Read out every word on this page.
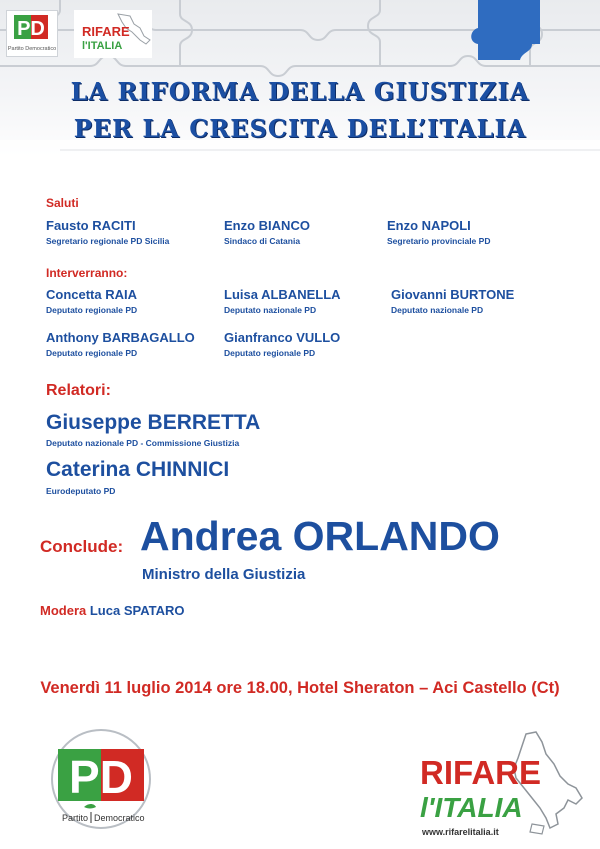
PD
Partito Democratico
RIFARE
l'ITALIA
LA RIFORMA DELLA GIUSTIZIA
PER LA CRESCITA DELL’ITALIA
Saluti
Fausto RACITI
Segretario regionale PD Sicilia
Enzo BIANCO
Sindaco di Catania
Enzo NAPOLI
Segretario provinciale PD
Interverranno:
Concetta RAIA
Deputato regionale PD
Luisa ALBANELLA
Deputato nazionale PD
Giovanni BURTONE
Deputato nazionale PD
Anthony BARBAGALLO
Deputato regionale PD
Gianfranco VULLO
Deputato regionale PD
Relatori:
Giuseppe BERRETTA
Deputato nazionale PD - Commissione Giustizia
Caterina CHINNICI
Eurodeputato PD
Conclude: Andrea ORLANDO
Ministro della Giustizia
Modera Luca SPATARO
Venerdì 11 luglio 2014 ore 18.00, Hotel Sheraton – Aci Castello (Ct)
PD
Partito Democratico
RIFARE
l'ITALIA
www.rifarelitalia.it
